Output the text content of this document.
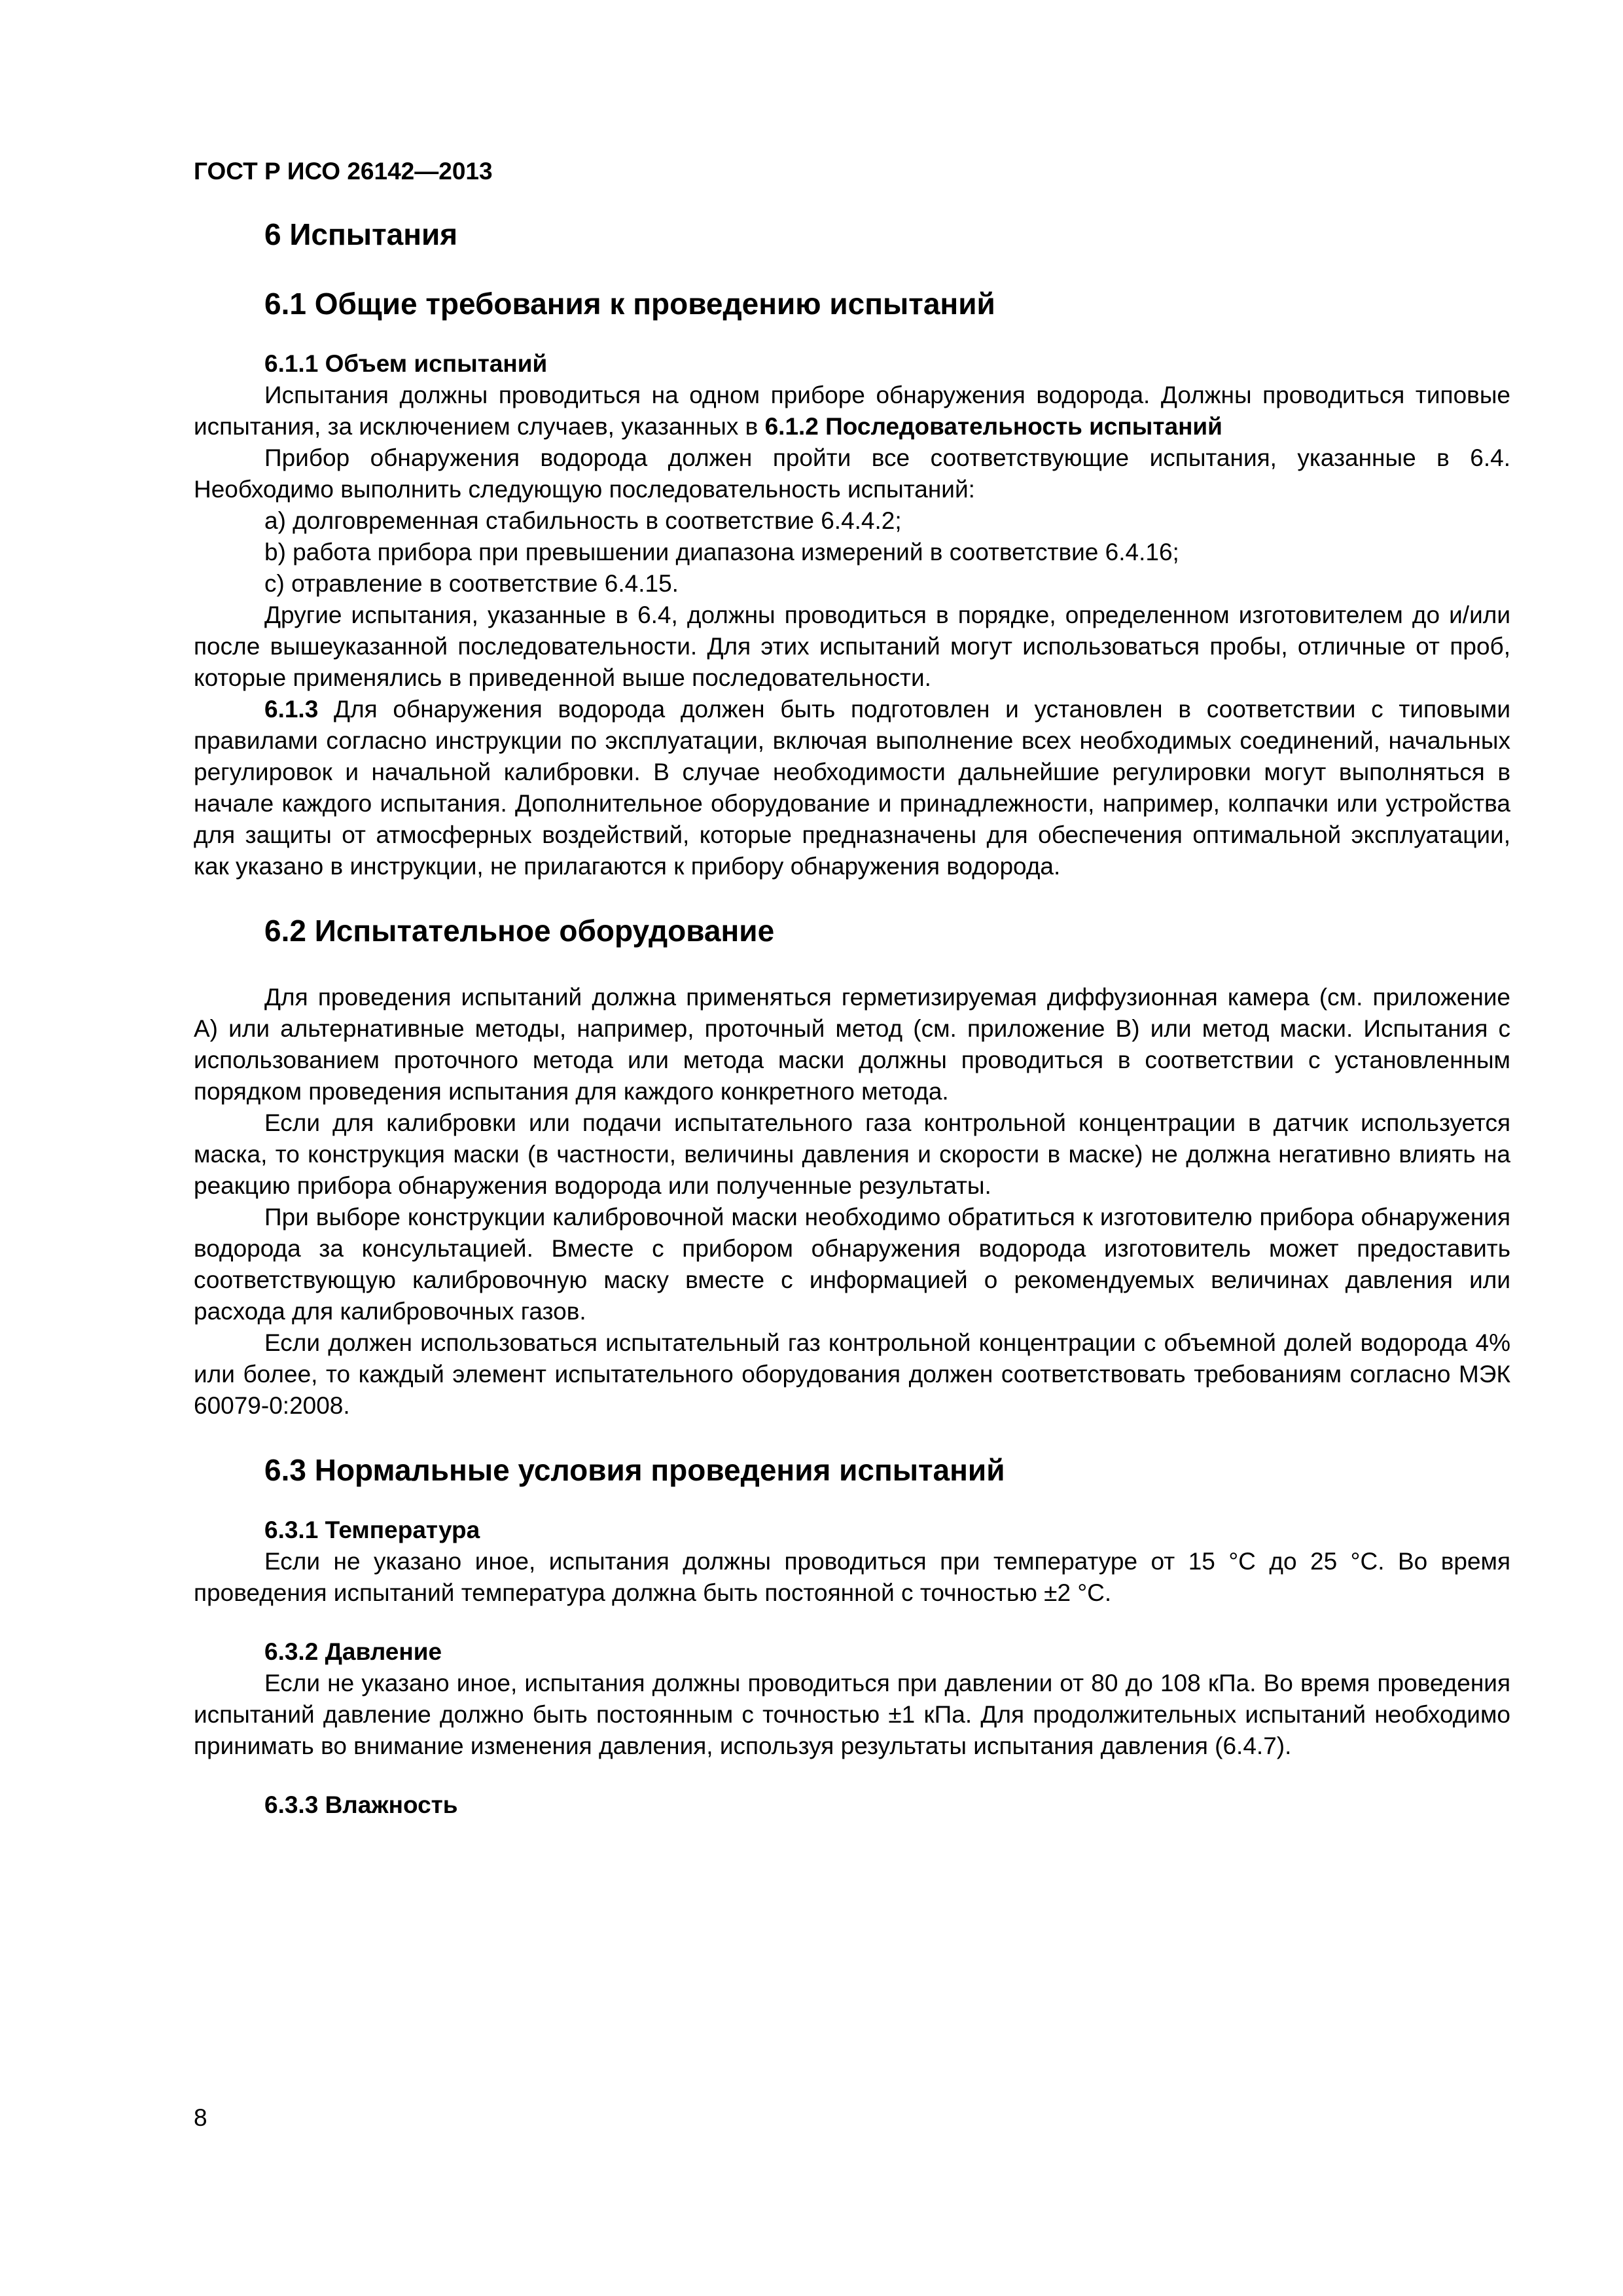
ГОСТ Р ИСО 26142—2013
6 Испытания
6.1 Общие требования к проведению испытаний
6.1.1 Объем испытаний

Испытания должны проводиться на одном приборе обнаружения водорода. Должны проводиться типовые испытания, за исключением случаев, указанных в 6.1.2 Последовательность испытаний

Прибор обнаружения водорода должен пройти все соответствующие испытания, указанные в 6.4. Необходимо выполнить следующую последовательность испытаний:

a) долговременная стабильность в соответствие 6.4.4.2;

b) работа прибора при превышении диапазона измерений в соответствие 6.4.16;

c) отравление в соответствие 6.4.15.

Другие испытания, указанные в 6.4, должны проводиться в порядке, определенном изготовителем до и/или после вышеуказанной последовательности. Для этих испытаний могут использоваться пробы, отличные от проб, которые применялись в приведенной выше последовательности.

6.1.3 Для обнаружения водорода должен быть подготовлен и установлен в соответствии с типовыми правилами согласно инструкции по эксплуатации, включая выполнение всех необходимых соединений, начальных регулировок и начальной калибровки. В случае необходимости дальнейшие регулировки могут выполняться в начале каждого испытания. Дополнительное оборудование и принадлежности, например, колпачки или устройства для защиты от атмосферных воздействий, которые предназначены для обеспечения оптимальной эксплуатации, как указано в инструкции, не прилагаются к прибору обнаружения водорода.

6.2 Испытательное оборудование

Для проведения испытаний должна применяться герметизируемая диффузионная камера (см. приложение А) или альтернативные методы, например, проточный метод (см. приложение В) или метод маски. Испытания с использованием проточного метода или метода маски должны проводиться в соответствии с установленным порядком проведения испытания для каждого конкретного метода.

Если для калибровки или подачи испытательного газа контрольной концентрации в датчик используется маска, то конструкция маски (в частности, величины давления и скорости в маске) не должна негативно влиять на реакцию прибора обнаружения водорода или полученные результаты.

При выборе конструкции калибровочной маски необходимо обратиться к изготовителю прибора обнаружения водорода за консультацией. Вместе с прибором обнаружения водорода изготовитель может предоставить соответствующую калибровочную маску вместе с информацией о рекомендуемых величинах давления или расхода для калибровочных газов.

Если должен использоваться испытательный газ контрольной концентрации с объемной долей водорода 4% или более, то каждый элемент испытательного оборудования должен соответствовать требованиям согласно МЭК 60079-0:2008.

6.3 Нормальные условия проведения испытаний
6.3.1 Температура

Если не указано иное, испытания должны проводиться при температуре от 15 °С до 25 °С. Во время проведения испытаний температура должна быть постоянной с точностью ±2 °С.

6.3.2 Давление

Если не указано иное, испытания должны проводиться при давлении от 80 до 108 кПа. Во время проведения испытаний давление должно быть постоянным с точностью ±1 кПа. Для продолжительных испытаний необходимо принимать во внимание изменения давления, используя результаты испытания давления (6.4.7).

6.3.3 Влажность
8
